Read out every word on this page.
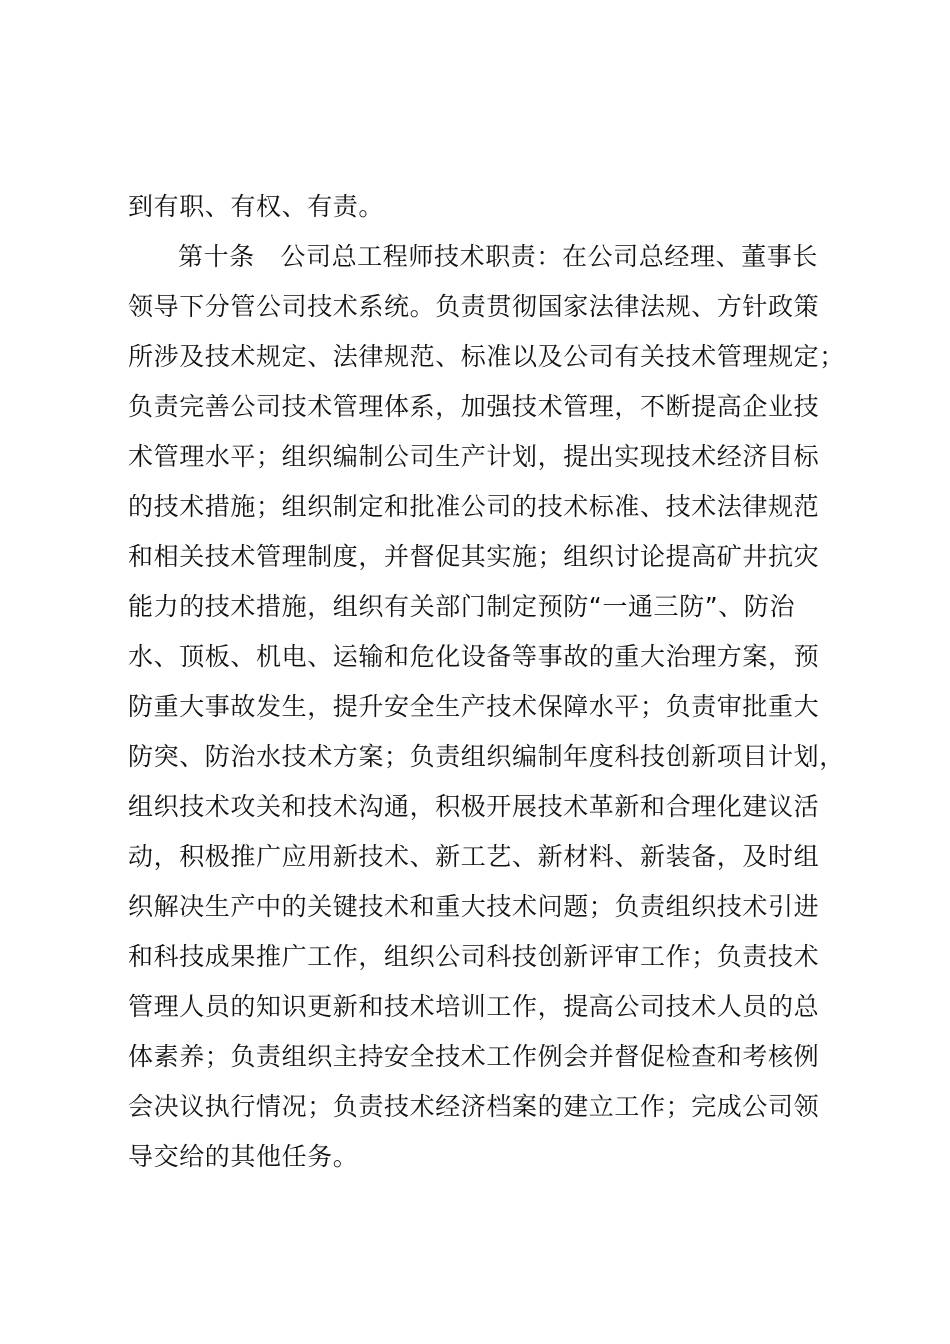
到有职、有权、有责。
第十条　公司总工程师技术职责：在公司总经理、董事长
领导下分管公司技术系统。负责贯彻国家法律法规、方针政策
所涉及技术规定、法律规范、标准以及公司有关技术管理规定；
负责完善公司技术管理体系，加强技术管理，不断提高企业技
术管理水平；组织编制公司生产计划，提出实现技术经济目标
的技术措施；组织制定和批准公司的技术标准、技术法律规范
和相关技术管理制度，并督促其实施；组织讨论提高矿井抗灾
能力的技术措施，组织有关部门制定预防“一通三防”、防治
水、顶板、机电、运输和危化设备等事故的重大治理方案，预
防重大事故发生，提升安全生产技术保障水平；负责审批重大
防突、防治水技术方案；负责组织编制年度科技创新项目计划，
组织技术攻关和技术沟通，积极开展技术革新和合理化建议活
动，积极推广应用新技术、新工艺、新材料、新装备，及时组
织解决生产中的关键技术和重大技术问题；负责组织技术引进
和科技成果推广工作，组织公司科技创新评审工作；负责技术
管理人员的知识更新和技术培训工作，提高公司技术人员的总
体素养；负责组织主持安全技术工作例会并督促检查和考核例
会决议执行情况；负责技术经济档案的建立工作；完成公司领
导交给的其他任务。
